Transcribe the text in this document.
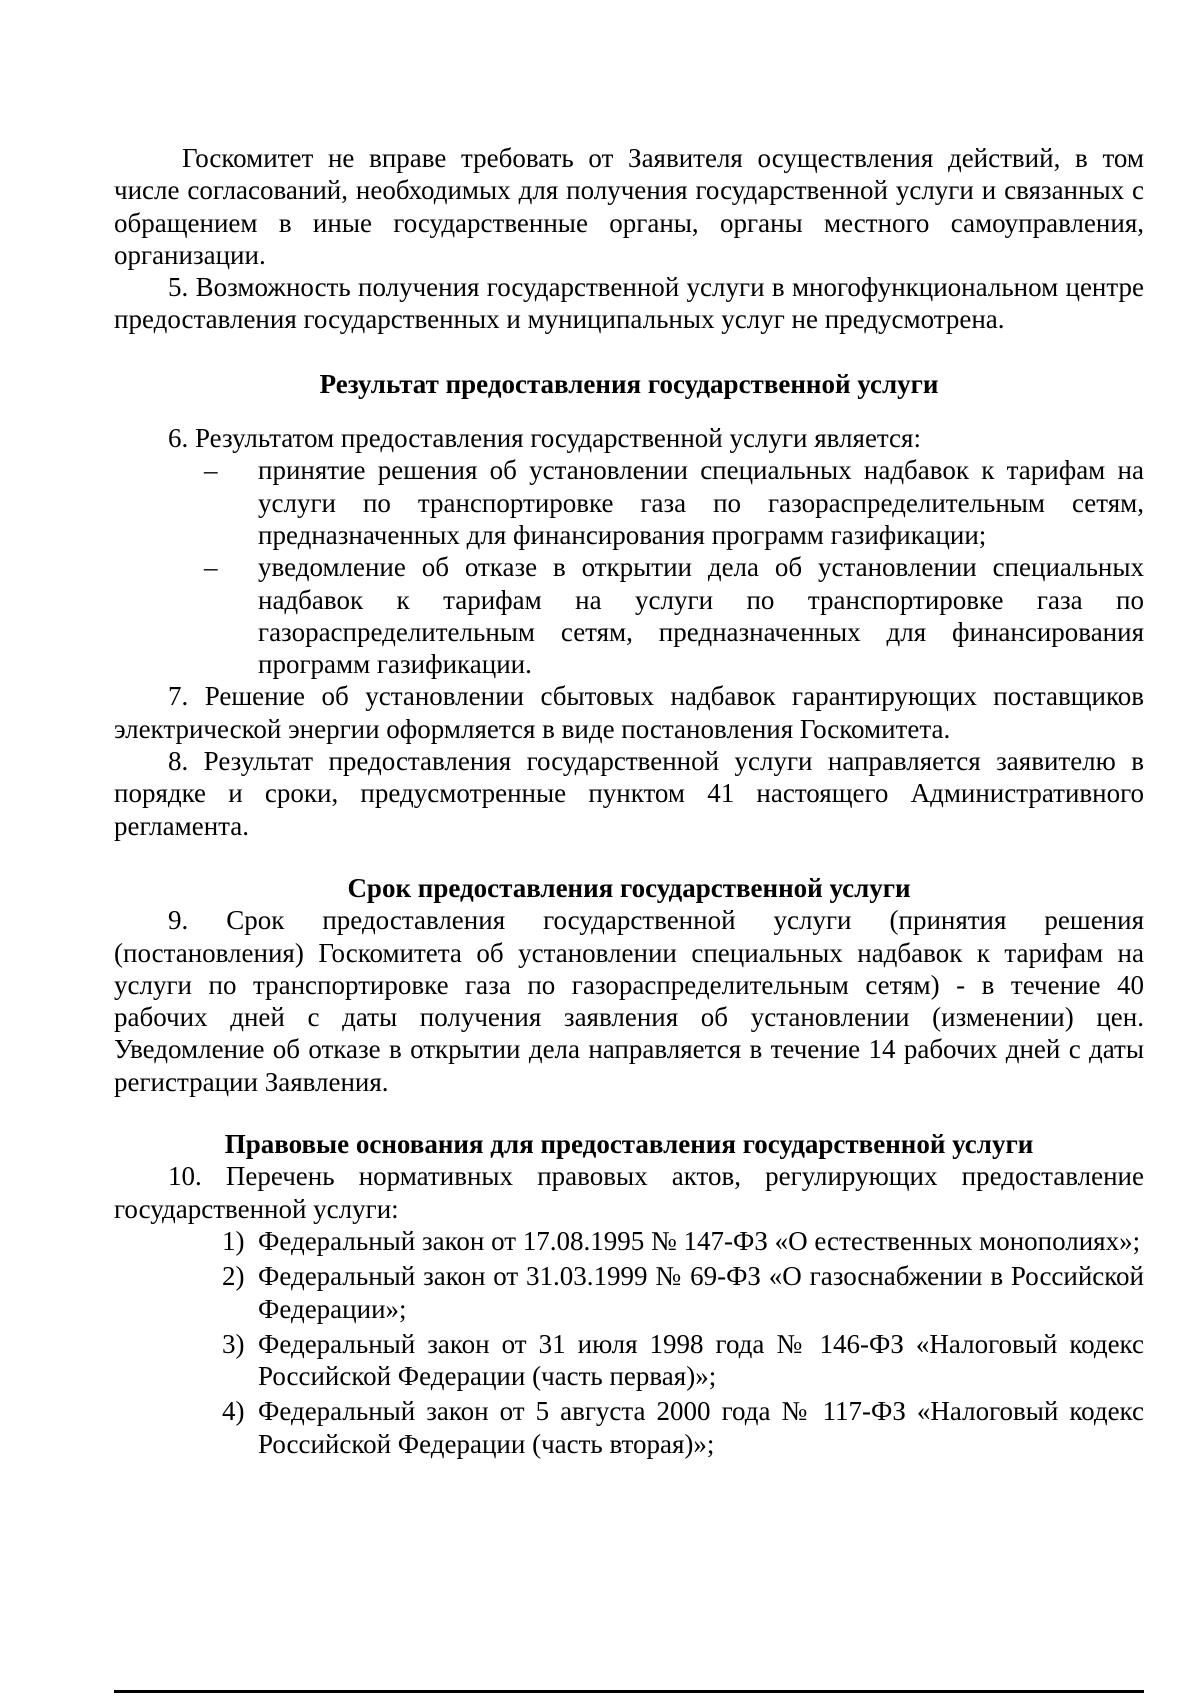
Госкомитет не вправе требовать от Заявителя осуществления действий, в том числе согласований, необходимых для получения государственной услуги и связанных с обращением в иные государственные органы, органы местного самоуправления, организации.

5. Возможность получения государственной услуги в многофункциональном центре предоставления государственных и муниципальных услуг не предусмотрена.

Результат предоставления государственной услуги

6. Результатом предоставления государственной услуги является:

– принятие решения об установлении специальных надбавок к тарифам на услуги по транспортировке газа по газораспределительным сетям, предназначенных для финансирования программ газификации;

– уведомление об отказе в открытии дела об установлении специальных надбавок к тарифам на услуги по транспортировке газа по газораспределительным сетям, предназначенных для финансирования программ газификации.

7. Решение об установлении сбытовых надбавок гарантирующих поставщиков электрической энергии оформляется в виде постановления Госкомитета.

8. Результат предоставления государственной услуги направляется заявителю в порядке и сроки, предусмотренные пунктом 41 настоящего Административного регламента.

Срок предоставления государственной услуги

9. Срок предоставления государственной услуги (принятия решения (постановления) Госкомитета об установлении специальных надбавок к тарифам на услуги по транспортировке газа по газораспределительным сетям) - в течение 40 рабочих дней с даты получения заявления об установлении (изменении) цен. Уведомление об отказе в открытии дела направляется в течение 14 рабочих дней с даты регистрации Заявления.

Правовые основания для предоставления государственной услуги

10. Перечень нормативных правовых актов, регулирующих предоставление государственной услуги:

1) Федеральный закон от 17.08.1995 № 147-ФЗ «О естественных монополиях»;

2) Федеральный закон от 31.03.1999 № 69-ФЗ «О газоснабжении в Российской Федерации»;

3) Федеральный закон от 31 июля 1998 года № 146-ФЗ «Налоговый кодекс Российской Федерации (часть первая)»;

4) Федеральный закон от 5 августа 2000 года № 117-ФЗ «Налоговый кодекс Российской Федерации (часть вторая)»;
